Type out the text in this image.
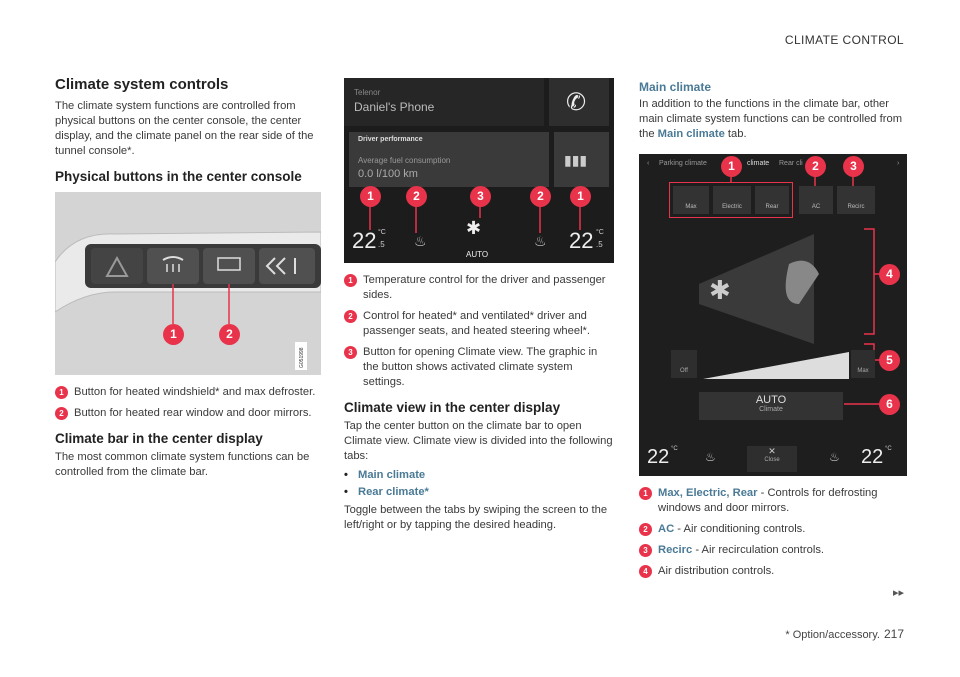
CLIMATE CONTROL
Climate system controls

The climate system functions are controlled from physical buttons on the center console, the center display, and the climate panel on the rear side of the tunnel console*.

Physical buttons in the center console
G051998
1	2
1 Button for heated windshield* and max defroster.
2 Button for heated rear window and door mirrors.
Climate bar in the center display

The most common climate system functions can be controlled from the climate bar.

Telenor
Daniel's Phone	✆
Driver performance
Average fuel consumption
0.0 l/100 km
▮▮▮
22 °C
.5 ♨
✱
AUTO
♨ 22 °C
.5
1	2	3	2	1
1 Temperature control for the driver and passenger sides.
2 Control for heated* and ventilated* driver and passenger seats, and heated steering wheel*.
3 Button for opening Climate view. The graphic in the button shows activated climate system settings.
Climate view in the center display

Tap the center button on the climate bar to open Climate view. Climate view is divided into the following tabs:

• Main climate
• Rear climate*

Toggle between the tabs by swiping the screen to the left/right or by tapping the desired heading.

Main climate

In addition to the functions in the climate bar, other main climate system functions can be controlled from the Main climate tab.

‹ Parking climate	climate Rear cli	›
Max	Electric	Rear	AC	Recirc
✱
Off	Max
AUTO
Climate
22 °C
♨	✕
Close	♨ 22 °C
1	2	3
4
5
6
1 Max, Electric, Rear - Controls for defrosting windows and door mirrors.
2 AC - Air conditioning controls.
3 Recirc - Air recirculation controls.
4 Air distribution controls.
▸▸
* Option/accessory. 217
